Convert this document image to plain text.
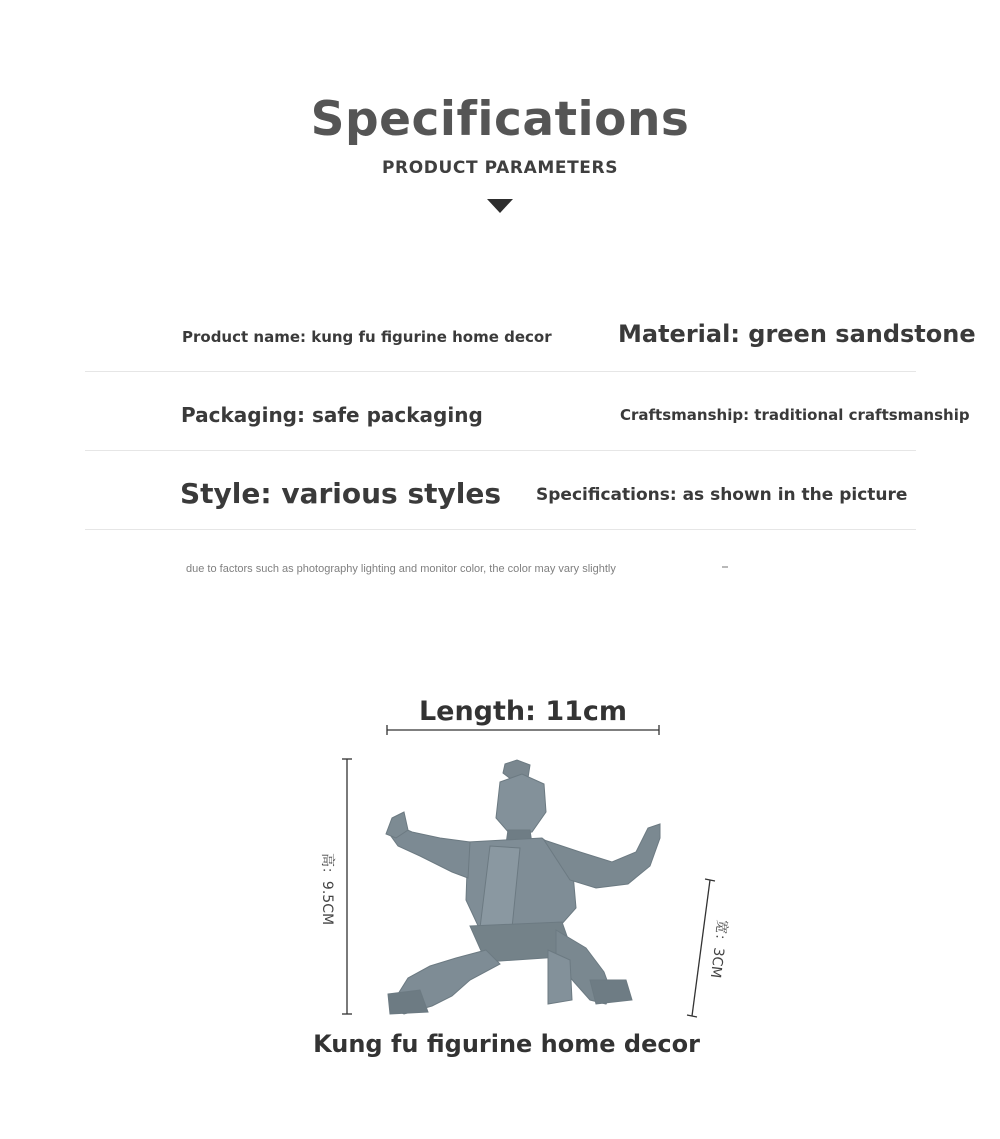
Specifications
PRODUCT PARAMETERS
Product name: kung fu figurine home decor	Material: green sandstone
Packaging: safe packaging	Craftsmanship: traditional craftsmanship
Style: various styles Specifications: as shown in the picture
due to factors such as photography lighting and monitor color, the color may vary slightly
Length: 11cm
高：9.5CM
宽：3CM
Kung fu figurine home decor
